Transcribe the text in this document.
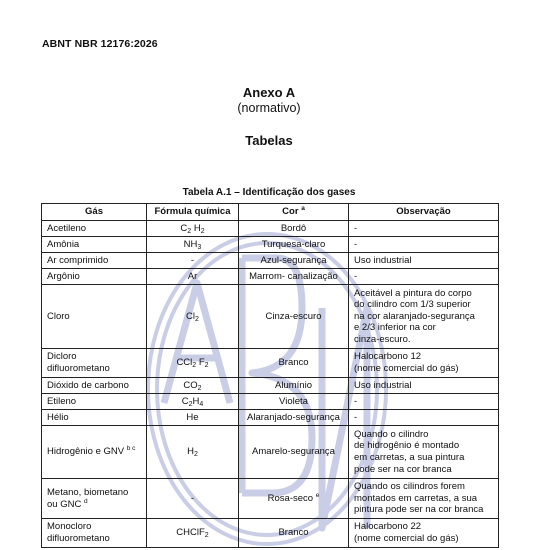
ABNT NBR 12176:2026
Anexo A
(normativo)
Tabelas
Tabela A.1 – Identificação dos gases
Gás	Fórmula química	Cor $^a$	Observação
Acetileno	$C_2$ $H_2$	Bordô	-
Amônia	$NH_3$	Turquesa-claro	-
Ar comprimido	-	Azul-segurança	Uso industrial
Argônio	Ar	Marrom- canalização	-
Cloro	$Cl_2$	Cinza-escuro	Aceitável a pintura do corpo
do cilindro com 1/3 superior
na cor alaranjado-segurança
e 2/3 inferior na cor
cinza-escuro.
Dicloro
difluorometano	CCl$_2$ $F_2$	Branco	Halocarbono 12
(nome comercial do gás)
Dióxido de carbono	$CO_2$	Alumínio	Uso industrial
Etileno	$C_2H_4$	Violeta	-
Hélio	He	Alaranjado-segurança	-
Hidrogênio e GNV $^{b c}$	$H_2$	Amarelo-segurança	Quando o cilindro
de hidrogênio é montado
em carretas, a sua pintura
pode ser na cor branca
Metano, biometano
ou GNC $^d$	-	Rosa-seco $^e$	Quando os cilindros forem
montados em carretas, a sua
pintura pode ser na cor branca
Monocloro
difluorometano	CHClF$_2$	Branco	Halocarbono 22
(nome comercial do gás)
